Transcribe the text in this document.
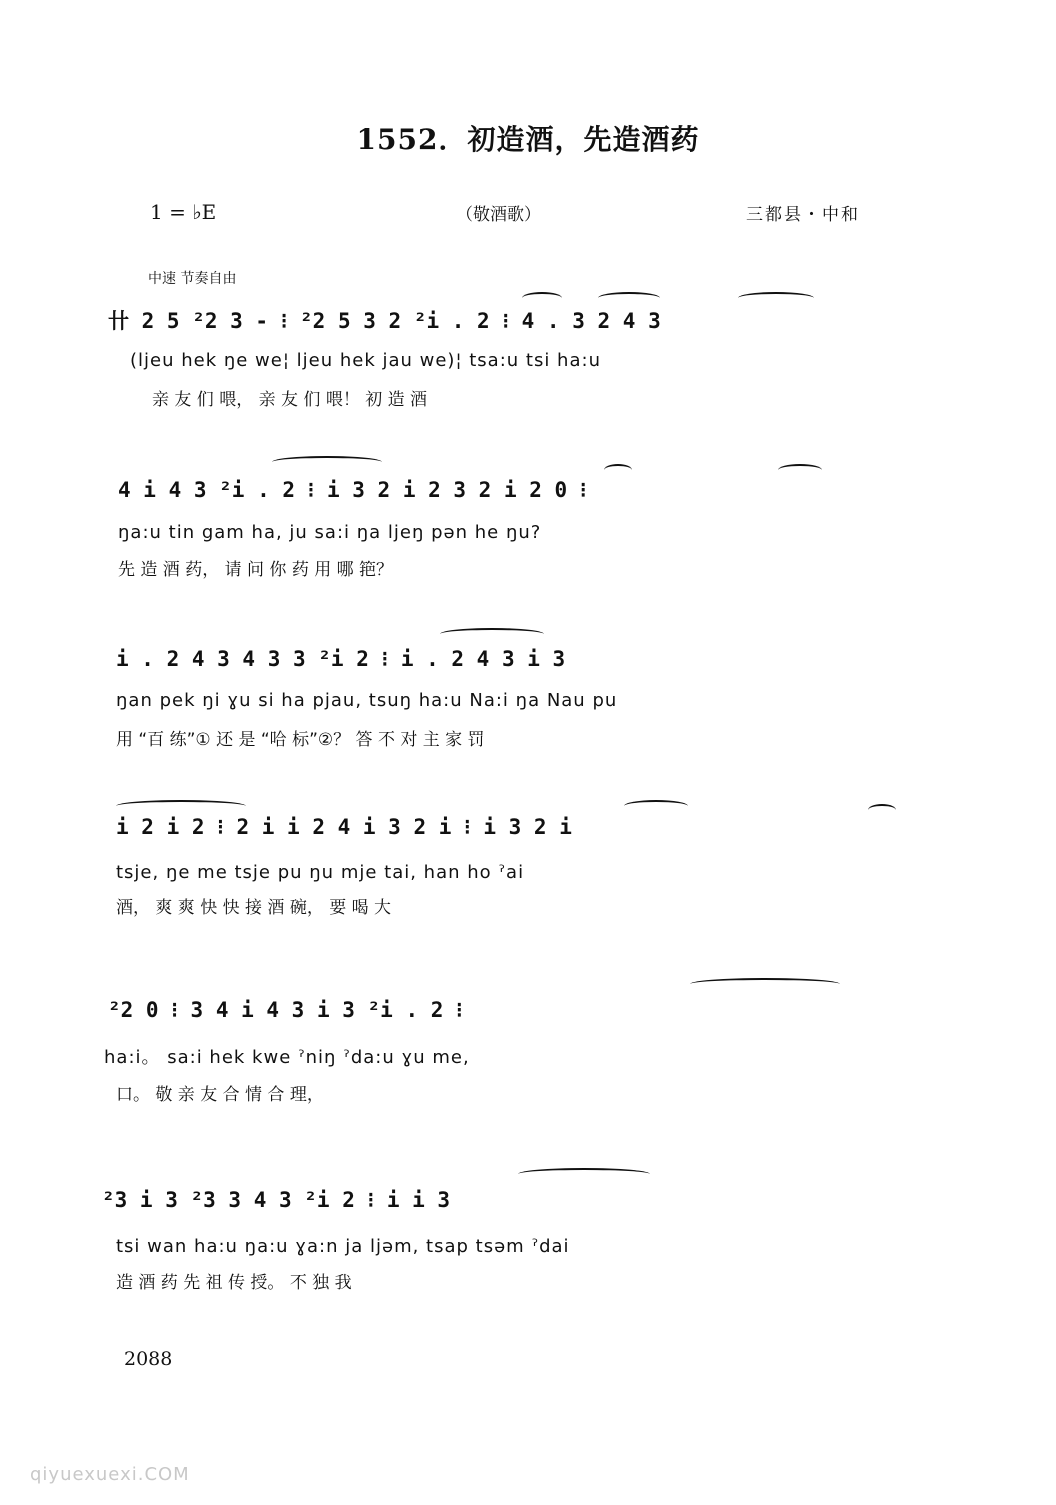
1552．初造酒，先造酒药
1 = ♭E	（敬酒歌）	三都县・中和
中速 节奏自由
卄 2 5 ²2 3 - ⁝ ²2 5 3 2 ²i . 2 ⁝ 4 . 3 2 4 3
(ljeu hek ŋe we¦ ljeu hek jau we)¦ tsa:u tsi ha:u
亲 友 们 喂， 亲 友 们 喂！ 初 造 酒
4 i 4 3 ²i . 2 ⁝ i 3 2 i 2 3 2 i 2 0 ⁝
ŋa:u tin gam ha, ju sa:i ŋa ljeŋ pən he ŋu?
先 造 酒 药， 请 问 你 药 用 哪 筢？
i . 2 4 3 4 3 3 ²i 2 ⁝ i . 2 4 3 i 3
ŋan pek ŋi ɣu si ha pjau, tsuŋ ha:u Na:i ŋa Nau pu
用 “百 练”① 还 是 “哈 标”②？ 答 不 对 主 家 罚
i 2 i 2 ⁝ 2 i i 2 4 i 3 2 i ⁝ i 3 2 i
tsje, ŋe me tsje pu ŋu mje tai, han ho ˀai
酒， 爽 爽 快 快 接 酒 碗， 要 喝 大
²2 0 ⁝ 3 4 i 4 3 i 3 ²i . 2 ⁝
ha:i。 sa:i hek kwe ˀniŋ ˀda:u ɣu me,
口。 敬 亲 友 合 情 合 理，
²3 i 3 ²3 3 4 3 ²i 2 ⁝ i i 3
tsi wan ha:u ŋa:u ɣa:n ja ljəm, tsap tsəm ˀdai
造 酒 药 先 祖 传 授。 不 独 我
2088
qiyuexuexi.COM
